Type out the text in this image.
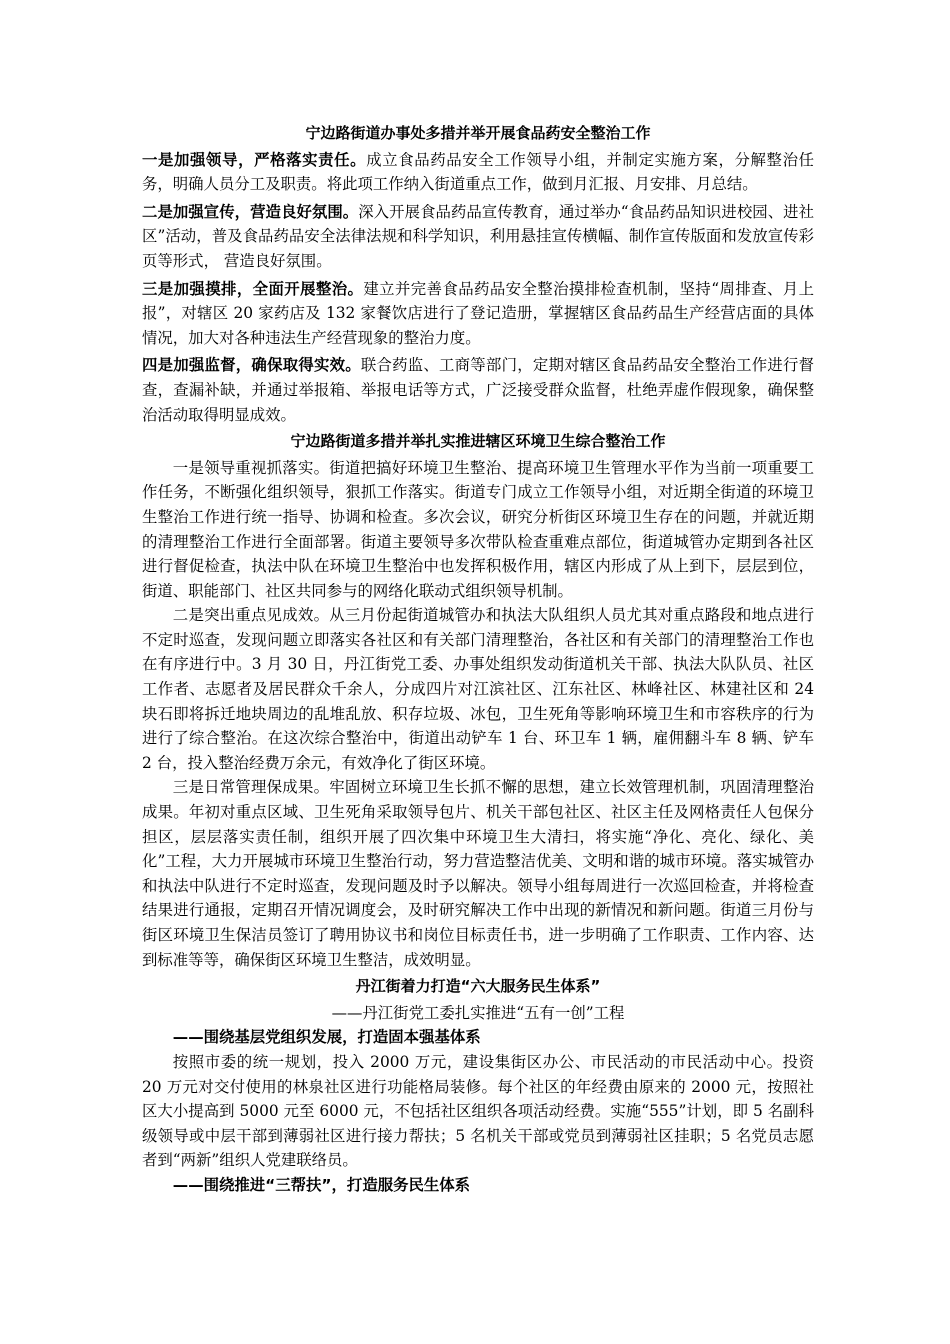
宁边路街道办事处多措并举开展食品药安全整治工作

一是加强领导，严格落实责任。成立食品药品安全工作领导小组，并制定实施方案，分解整治任务，明确人员分工及职责。将此项工作纳入街道重点工作，做到月汇报、月安排、月总结。

二是加强宣传，营造良好氛围。深入开展食品药品宣传教育，通过举办“食品药品知识进校园、进社区”活动，普及食品药品安全法律法规和科学知识，利用悬挂宣传横幅、制作宣传版面和发放宣传彩页等形式， 营造良好氛围。

三是加强摸排，全面开展整治。建立并完善食品药品安全整治摸排检查机制，坚持“周排查、月上报”，对辖区 20 家药店及 132 家餐饮店进行了登记造册，掌握辖区食品药品生产经营店面的具体情况，加大对各种违法生产经营现象的整治力度。

四是加强监督，确保取得实效。联合药监、工商等部门，定期对辖区食品药品安全整治工作进行督查，查漏补缺，并通过举报箱、举报电话等方式，广泛接受群众监督，杜绝弄虚作假现象，确保整治活动取得明显成效。

宁边路街道多措并举扎实推进辖区环境卫生综合整治工作

一是领导重视抓落实。街道把搞好环境卫生整治、提高环境卫生管理水平作为当前一项重要工作任务，不断强化组织领导，狠抓工作落实。街道专门成立工作领导小组，对近期全街道的环境卫生整治工作进行统一指导、协调和检查。多次会议，研究分析街区环境卫生存在的问题，并就近期的清理整治工作进行全面部署。街道主要领导多次带队检查重难点部位，街道城管办定期到各社区进行督促检查，执法中队在环境卫生整治中也发挥积极作用，辖区内形成了从上到下，层层到位，街道、职能部门、社区共同参与的网络化联动式组织领导机制。

二是突出重点见成效。从三月份起街道城管办和执法大队组织人员尤其对重点路段和地点进行不定时巡查，发现问题立即落实各社区和有关部门清理整治，各社区和有关部门的清理整治工作也在有序进行中。3 月 30 日，丹江街党工委、办事处组织发动街道机关干部、执法大队队员、社区工作者、志愿者及居民群众千余人，分成四片对江滨社区、江东社区、林峰社区、林建社区和 24 块石即将拆迁地块周边的乱堆乱放、积存垃圾、冰包，卫生死角等影响环境卫生和市容秩序的行为进行了综合整治。在这次综合整治中，街道出动铲车 1 台、环卫车 1 辆，雇佣翻斗车 8 辆、铲车 2 台，投入整治经费万余元，有效净化了街区环境。

三是日常管理保成果。牢固树立环境卫生长抓不懈的思想，建立长效管理机制，巩固清理整治成果。年初对重点区域、卫生死角采取领导包片、机关干部包社区、社区主任及网格责任人包保分担区，层层落实责任制，组织开展了四次集中环境卫生大清扫，将实施“净化、亮化、绿化、美化”工程，大力开展城市环境卫生整治行动，努力营造整洁优美、文明和谐的城市环境。落实城管办和执法中队进行不定时巡查，发现问题及时予以解决。领导小组每周进行一次巡回检查，并将检查结果进行通报，定期召开情况调度会，及时研究解决工作中出现的新情况和新问题。街道三月份与街区环境卫生保洁员签订了聘用协议书和岗位目标责任书，进一步明确了工作职责、工作内容、达到标准等等，确保街区环境卫生整洁，成效明显。

丹江街着力打造“六大服务民生体系”

——丹江街党工委扎实推进“五有一创”工程

——围绕基层党组织发展，打造固本强基体系

按照市委的统一规划，投入 2000 万元，建设集街区办公、市民活动的市民活动中心。投资 20 万元对交付使用的林泉社区进行功能格局装修。每个社区的年经费由原来的 2000 元，按照社区大小提高到 5000 元至 6000 元，不包括社区组织各项活动经费。实施“555”计划，即 5 名副科级领导或中层干部到薄弱社区进行接力帮扶；5 名机关干部或党员到薄弱社区挂职；5 名党员志愿者到“两新”组织人党建联络员。

——围绕推进“三帮扶”，打造服务民生体系
